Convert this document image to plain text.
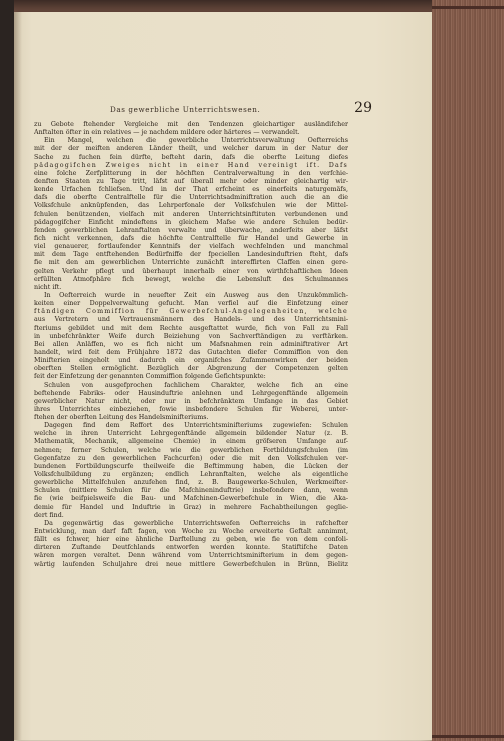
Das gewerbliche Unterrichtswesen.	29
zu Gebote ftehender Vergleiche mit den Tendenzen gleichartiger ausländifcher
Anftalten öfter in ein relatives — je nachdem mildere oder härteres — verwandelt.
Ein Mangel, welchen die gewerbliche Unterrichtsverwaltung Oefterreichs
mit der der meiften anderen Länder theilt, und welcher darum in der Natur der
Sache zu fuchen fein dürfte, befteht darin, dafs die oberfte Leitung diefes
pädagogifchen Zweiges nicht in einer Hand vereinigt ift. Dafs
eine folche Zerfplitterung in der höchften Centralverwaltung in den verfchie-
denften Staaten zu Tage tritt, läfst auf überall mehr oder minder gleichartig wir-
kende Urfachen fchliefsen. Und in der That erfcheint es einerfeits naturgemäfs,
dafs die oberfte Centralftelle für die Unterrichtsadminiftration auch die an die
Volksfchule anknüpfenden, das Lehrperfonale der Volksfchulen wie der Mittel-
fchulen benützenden, vielfach mit anderen Unterrichtsinftituten verbundenen und
pädagogifcher Einficht mindeftens in gleichem Mafse wie andere Schulen bedür-
fenden gewerblichen Lehranftalten verwalte und überwache, anderfeits aber läfst
fich nicht verkennen, dafs die höchfte Centralftelle für Handel und Gewerbe in
viel genauerer, fortlaufender Kenntnifs der vielfach wechfelnden und manchmal
mit dem Tage entftehenden Bedürfniffe der fpeciellen Landesinduftrien fteht, dafs
fie mit den am gewerblichen Unterrichte zunächft intereffirten Claffen einen gere-
gelten Verkehr pflegt und überhaupt innerhalb einer von wirthfchaftlichen Ideen
erfüllten Atmofphäre fich bewegt, welche die Lebensluft des Schulmannes
nicht ift.
In Oefterreich wurde in neuefter Zeit ein Ausweg aus den Unzukömmlich-
keiten einer Doppelverwaltung gefucht. Man verfiel auf die Einfetzung einer
ftändigen Commiffion für Gewerbefchul-Angelegenheiten, welche
aus Vertretern und Vertrauensmännern des Handels- und des Unterrichtsmini-
fteriums gebildet und mit dem Rechte ausgeftattet wurde, fich von Fall zu Fall
in unbefchränkter Weife durch Beiziehung von Sachverftändigen zu verftärken.
Bei allen Anläffen, wo es fich nicht um Mafsnahmen rein adminiftrativer Art
handelt, wird feit dem Frühjahre 1872 das Gutachten diefer Commiffion von den
Minifterien eingeholt und dadurch ein organifches Zufammenwirken der beiden
oberften Stellen ermöglicht. Bezüglich der Abgrenzung der Competenzen gelten
feit der Einfetzung der genannten Commiffion folgende Gefichtspunkte:
Schulen von ausgefprochen fachlichem Charakter, welche fich an eine
beftehende Fabriks- oder Hausinduftrie anlehnen und Lehrgegenftände allgemein
gewerblicher Natur nicht, oder nur in befchränktem Umfange in das Gebiet
ihres Unterrichtes einbeziehen, fowie insbefondere Schulen für Weberei, unter-
ftehen der oberften Leitung des Handelsminifteriums.
Dagegen find dem Reffort des Unterrichtsminifteriums zugewiefen: Schulen
welche in ihren Unterricht Lehrgegenftände allgemein bildender Natur (z. B.
Mathematik, Mechanik, allgemeine Chemie) in einem gröfseren Umfange auf-
nehmen; ferner Schulen, welche wie die gewerblichen Fortbildungsfchulen (im
Gegenfatze zu den gewerblichen Fachcurfen) oder die mit den Volksfchulen ver-
bundenen Fortbildungscurfe theilweife die Beftimmung haben, die Lücken der
Volksfchulbildung zu ergänzen; endlich Lehranftalten, welche als eigentliche
gewerbliche Mittelfchulen anzufehen find, z. B. Baugewerke-Schulen, Werkmeifter-
Schulen (mittlere Schulen für die Mafchineninduftrie) insbefondere dann, wenn
fie (wie beifpielsweife die Bau- und Mafchinen-Gewerbefchule in Wien, die Aka-
demie für Handel und Induftrie in Graz) in mehrere Fachabtheilungen geglie-
dert find.
Da gegenwärtig das gewerbliche Unterrichtswefen Oefterreichs in rafchefter
Entwicklung, man darf faft fagen, von Woche zu Woche erweiterte Geftalt annimmt,
fällt es fchwer, hier eine ähnliche Darftellung zu geben, wie fie von dem confoli-
dirteren Zuftande Deutfchlands entworfen werden konnte. Statiftifche Daten
wären morgen veraltet. Denn während vom Unterrichtsminifterium in dem gegen-
wärtig laufenden Schuljahre drei neue mittlere Gewerbefchulen in Brünn, Bielitz
